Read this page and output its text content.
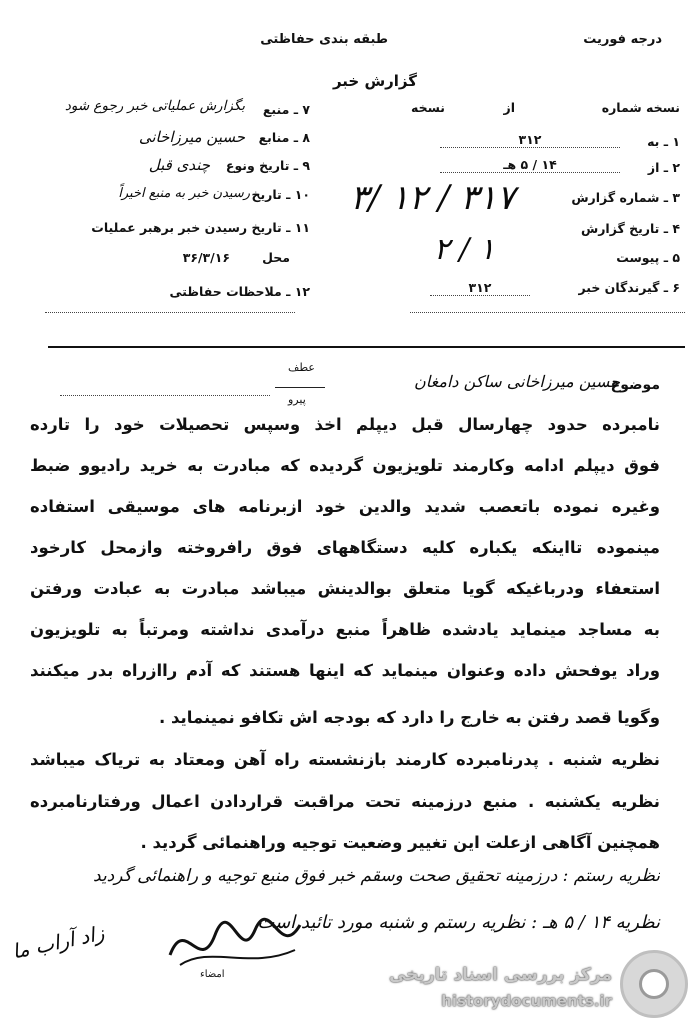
درجه فوریت
طبقه بندی حفاظتی
گزارش خبر
نسخه شماره
از
نسخه
۱ ـ به
۳۱۲
۲ ـ از
۱۴ / ۵ هـ
۳ ـ شماره گزارش
۴ ـ تاریخ گزارش
۵ ـ پیوست
۶ ـ گیرندگان خبر
۳۱۲
۳/ ۱۲ / ۳۱۷
۲ / ۱
۷ ـ منبع
بگزارش عملیاتی خبر رجوع شود
۸ ـ منابع
حسین میرزاخانی
۹ ـ تاریخ ونوع
چندی قبل
۱۰ ـ تاریخ
رسیدن خبر به منبع اخیراً
۱۱ ـ تاریخ رسیدن خبر برهبر عملیات
محل
۳۶/۳/۱۶
۱۲ ـ ملاحظات حفاظتی
موضوع
حسین میرزاخانی ساکن دامغان
عطف
پیرو
نامبرده حدود چهارسال قبل دیپلم اخذ وسپس تحصیلات خود را تارده
فوق دیپلم ادامه وکارمند تلویزیون گردیده که مبادرت به خرید رادیوو ضبط
وغیره نموده باتعصب شدید والدین خود ازبرنامه های موسیقی استفاده
مینموده تااینکه یکباره کلیه دستگاههای فوق رافروخته وازمحل کارخود
استعفاء ودرباغیکه گویا متعلق بوالدینش میباشد مبادرت به عبادت ورفتن
به مساجد مینماید یادشده ظاهراً منبع درآمدی نداشته ومرتباً به تلویزیون
وراد یوفحش داده وعنوان مینماید که اینها هستند که آدم راازراه بدر میکنند
وگویا قصد رفتن به خارج را دارد که بودجه اش تکافو نمینماید .
نظریه شنبه . پدرنامبرده کارمند بازنشسته راه آهن ومعتاد به تریاک میباشد
نظریه یکشنبه . منبع درزمینه تحت مراقبت قراردادن اعمال ورفتارنامبرده
همچنین آگاهی ازعلت این تغییر وضعیت توجیه وراهنمائی گردید .
نظریه رستم : درزمینه تحقیق صحت وسقم خبر فوق منبع توجیه و راهنمائی گردید
نظریه ۱۴ / ۵ هـ : نظریه رستم و شنبه مورد تائید است
زاد آراب ما
امضاء	مرکز بررسی اسناد تاریخی
historydocuments.ir
